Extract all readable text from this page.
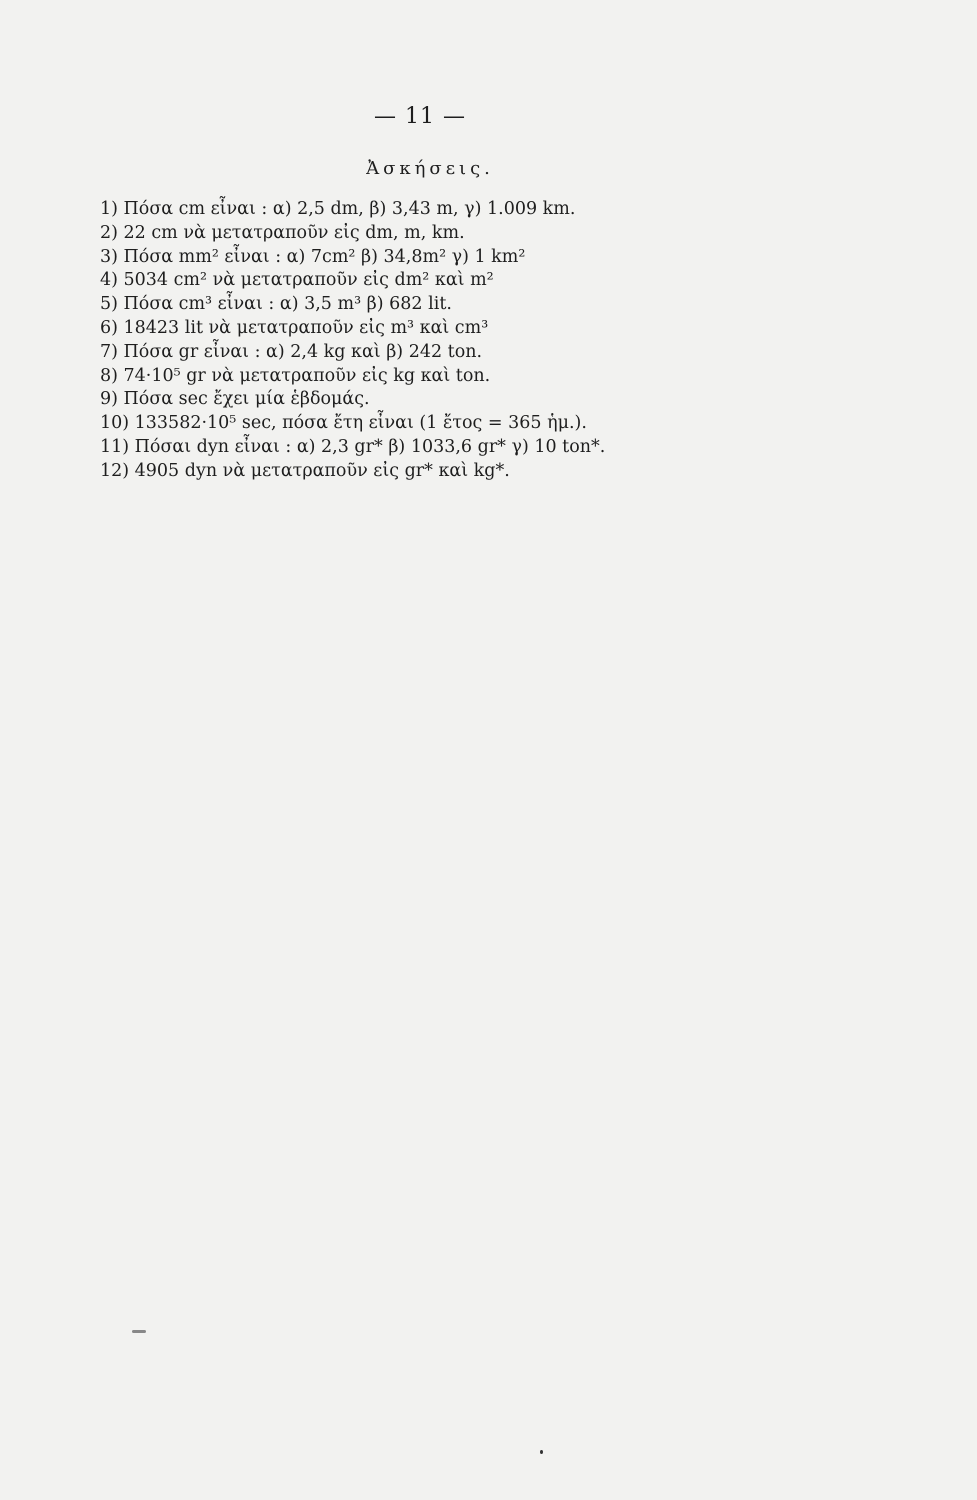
— 11 —
Ἀσκήσεις.
1) Πόσα cm εἶναι : α) 2,5 dm, β) 3,43 m, γ) 1.009 km.
2) 22 cm νὰ μετατραποῦν εἰς dm, m, km.
3) Πόσα mm² εἶναι : α) 7cm² β) 34,8m² γ) 1 km²
4) 5034 cm² νὰ μετατραποῦν εἰς dm² καὶ m²
5) Πόσα cm³ εἶναι : α) 3,5 m³ β) 682 lit.
6) 18423 lit νὰ μετατραποῦν εἰς m³ καὶ cm³
7) Πόσα gr εἶναι : α) 2,4 kg καὶ β) 242 ton.
8) 74·10⁵ gr νὰ μετατραποῦν εἰς kg καὶ ton.
9) Πόσα sec ἔχει μία ἑβδομάς.
10) 133582·10⁵ sec, πόσα ἔτη εἶναι (1 ἔτος = 365 ἡμ.).
11) Πόσαι dyn εἶναι : α) 2,3 gr* β) 1033,6 gr* γ) 10 ton*.
12) 4905 dyn νὰ μετατραποῦν εἰς gr* καὶ kg*.
